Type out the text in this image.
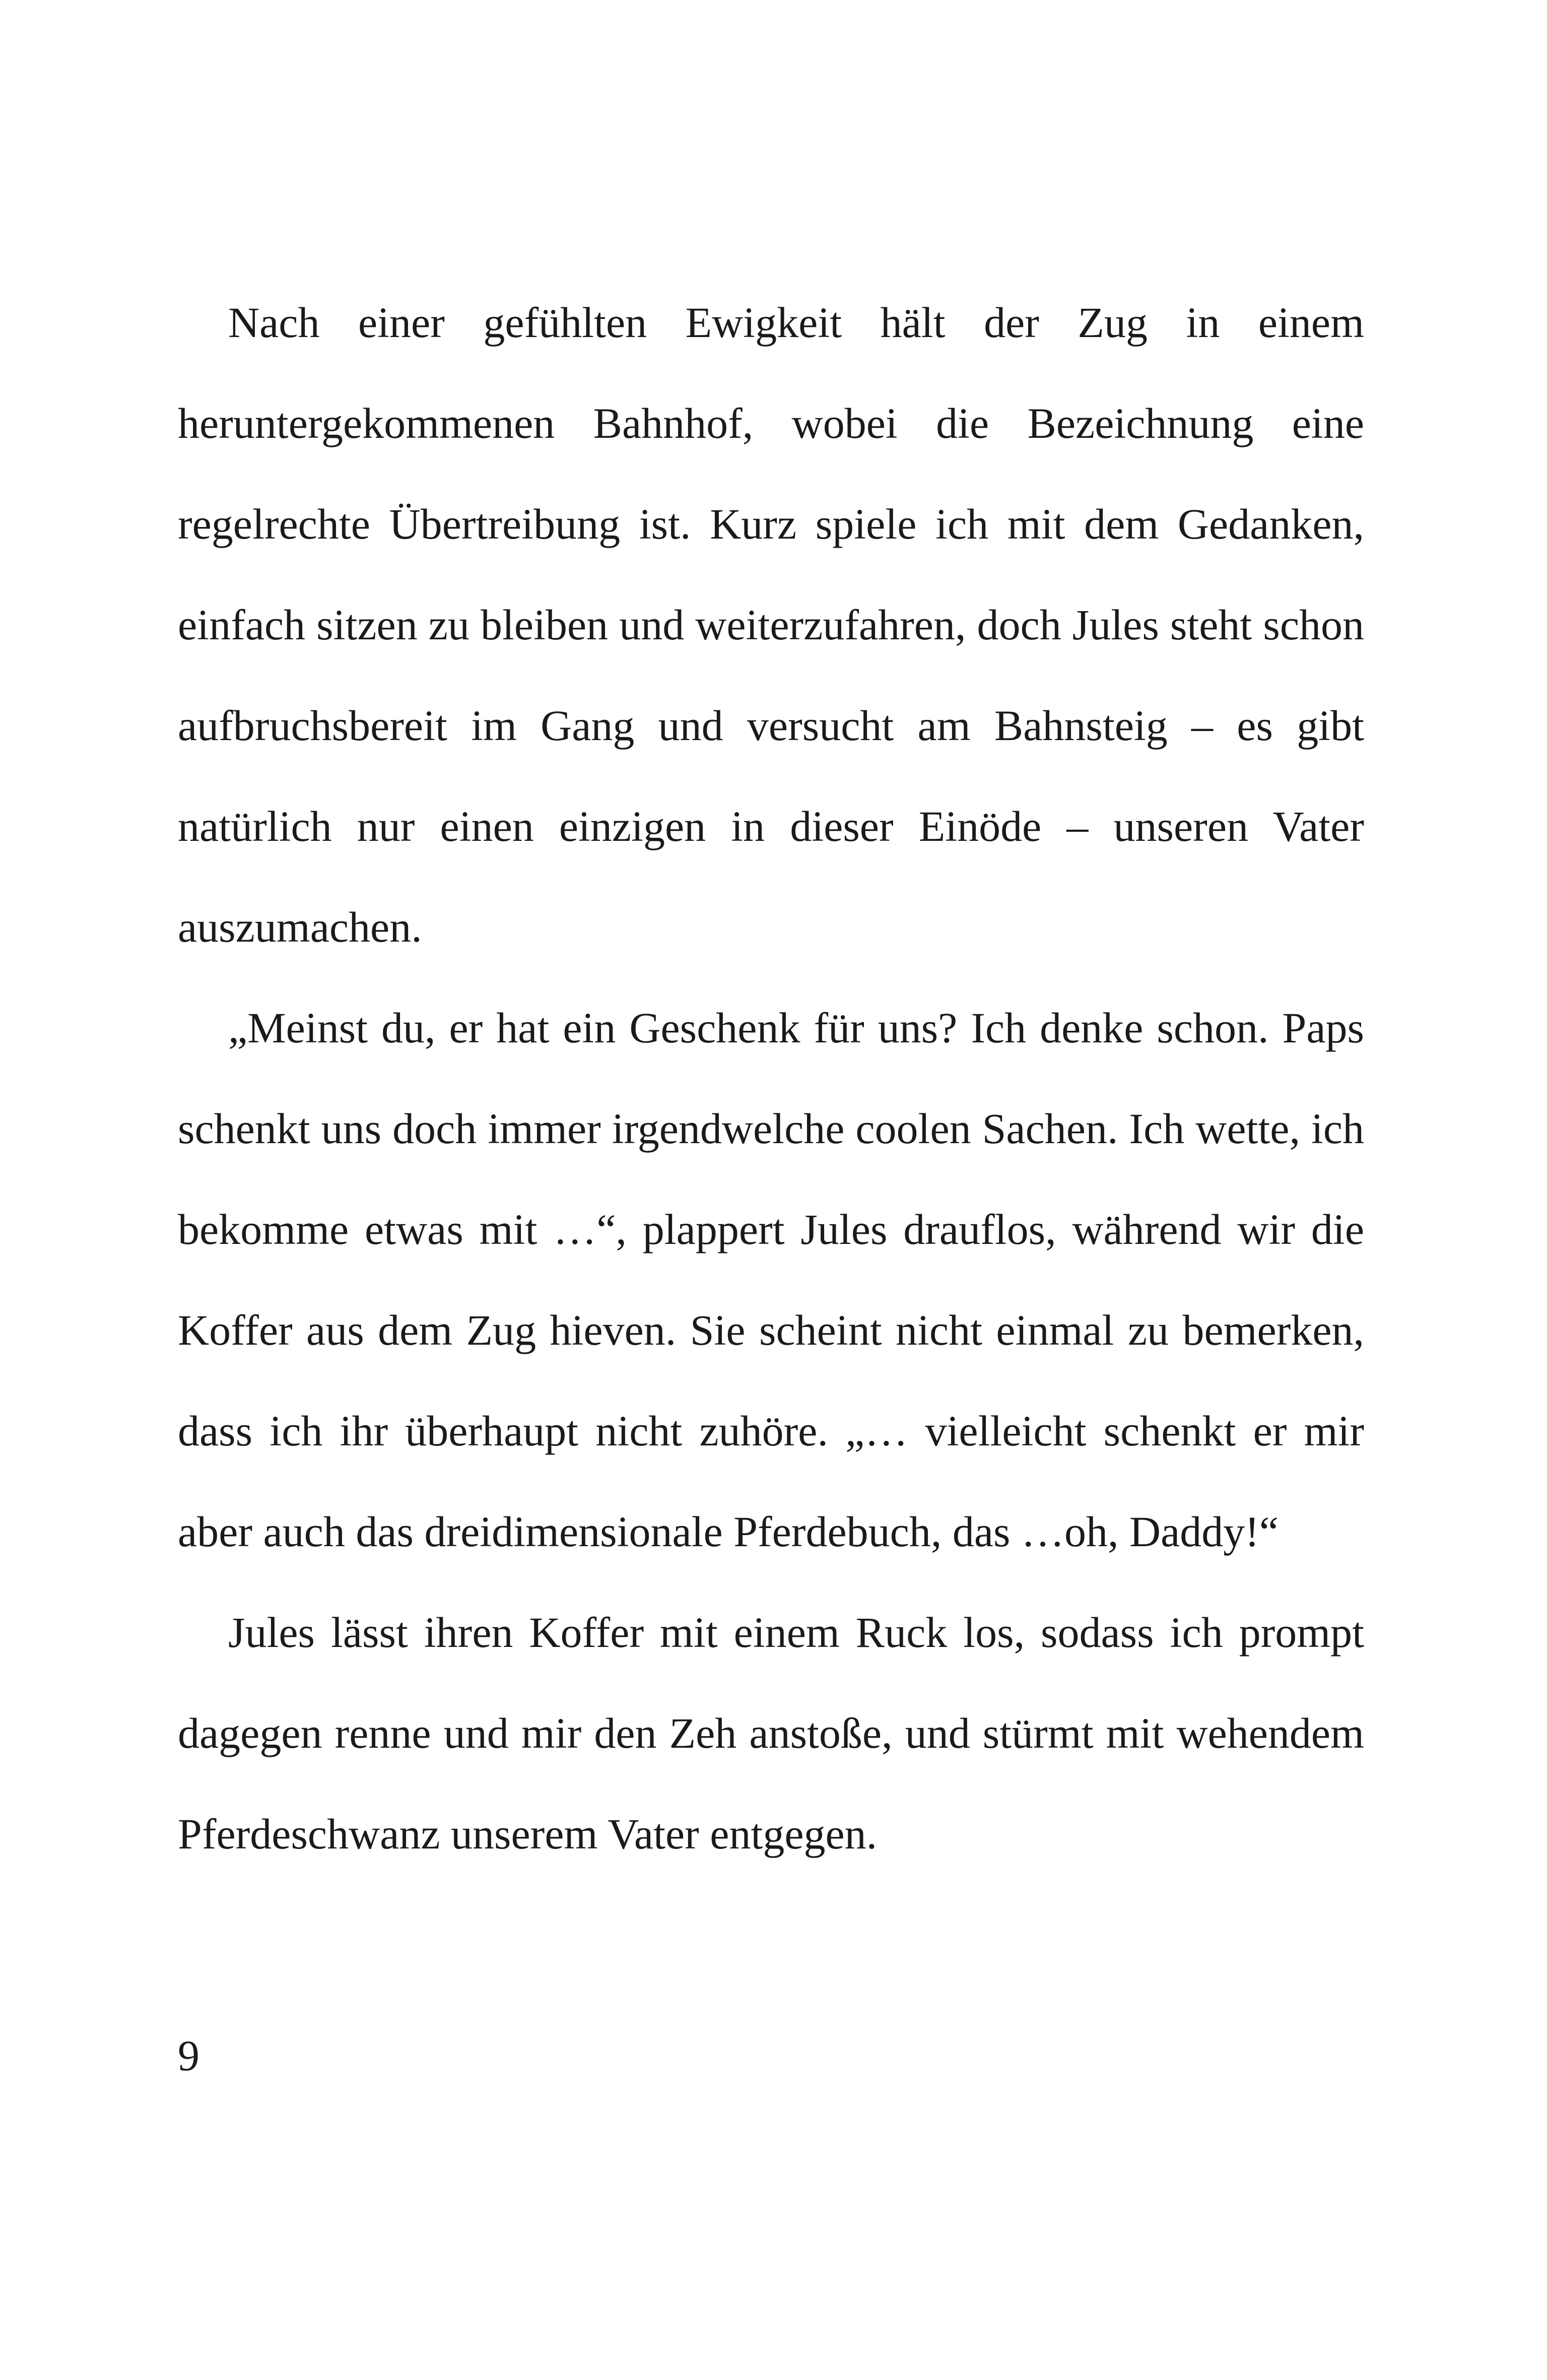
Nach einer gefühlten Ewigkeit hält der Zug in einem heruntergekommenen Bahnhof, wobei die Bezeichnung eine regelrechte Übertreibung ist. Kurz spiele ich mit dem Gedanken, einfach sitzen zu bleiben und weiterzufahren, doch Jules steht schon aufbruchsbereit im Gang und versucht am Bahnsteig – es gibt natürlich nur einen einzigen in dieser Einöde – unseren Vater auszumachen.

„Meinst du, er hat ein Geschenk für uns? Ich denke schon. Paps schenkt uns doch immer irgendwelche coolen Sachen. Ich wette, ich bekomme etwas mit …“, plappert Jules drauflos, während wir die Koffer aus dem Zug hieven. Sie scheint nicht einmal zu bemerken, dass ich ihr überhaupt nicht zuhöre. „… vielleicht schenkt er mir aber auch das dreidimensionale Pferdebuch, das …oh, Daddy!“

Jules lässt ihren Koffer mit einem Ruck los, sodass ich prompt dagegen renne und mir den Zeh anstoße, und stürmt mit wehendem Pferdeschwanz unserem Vater entgegen.

9
